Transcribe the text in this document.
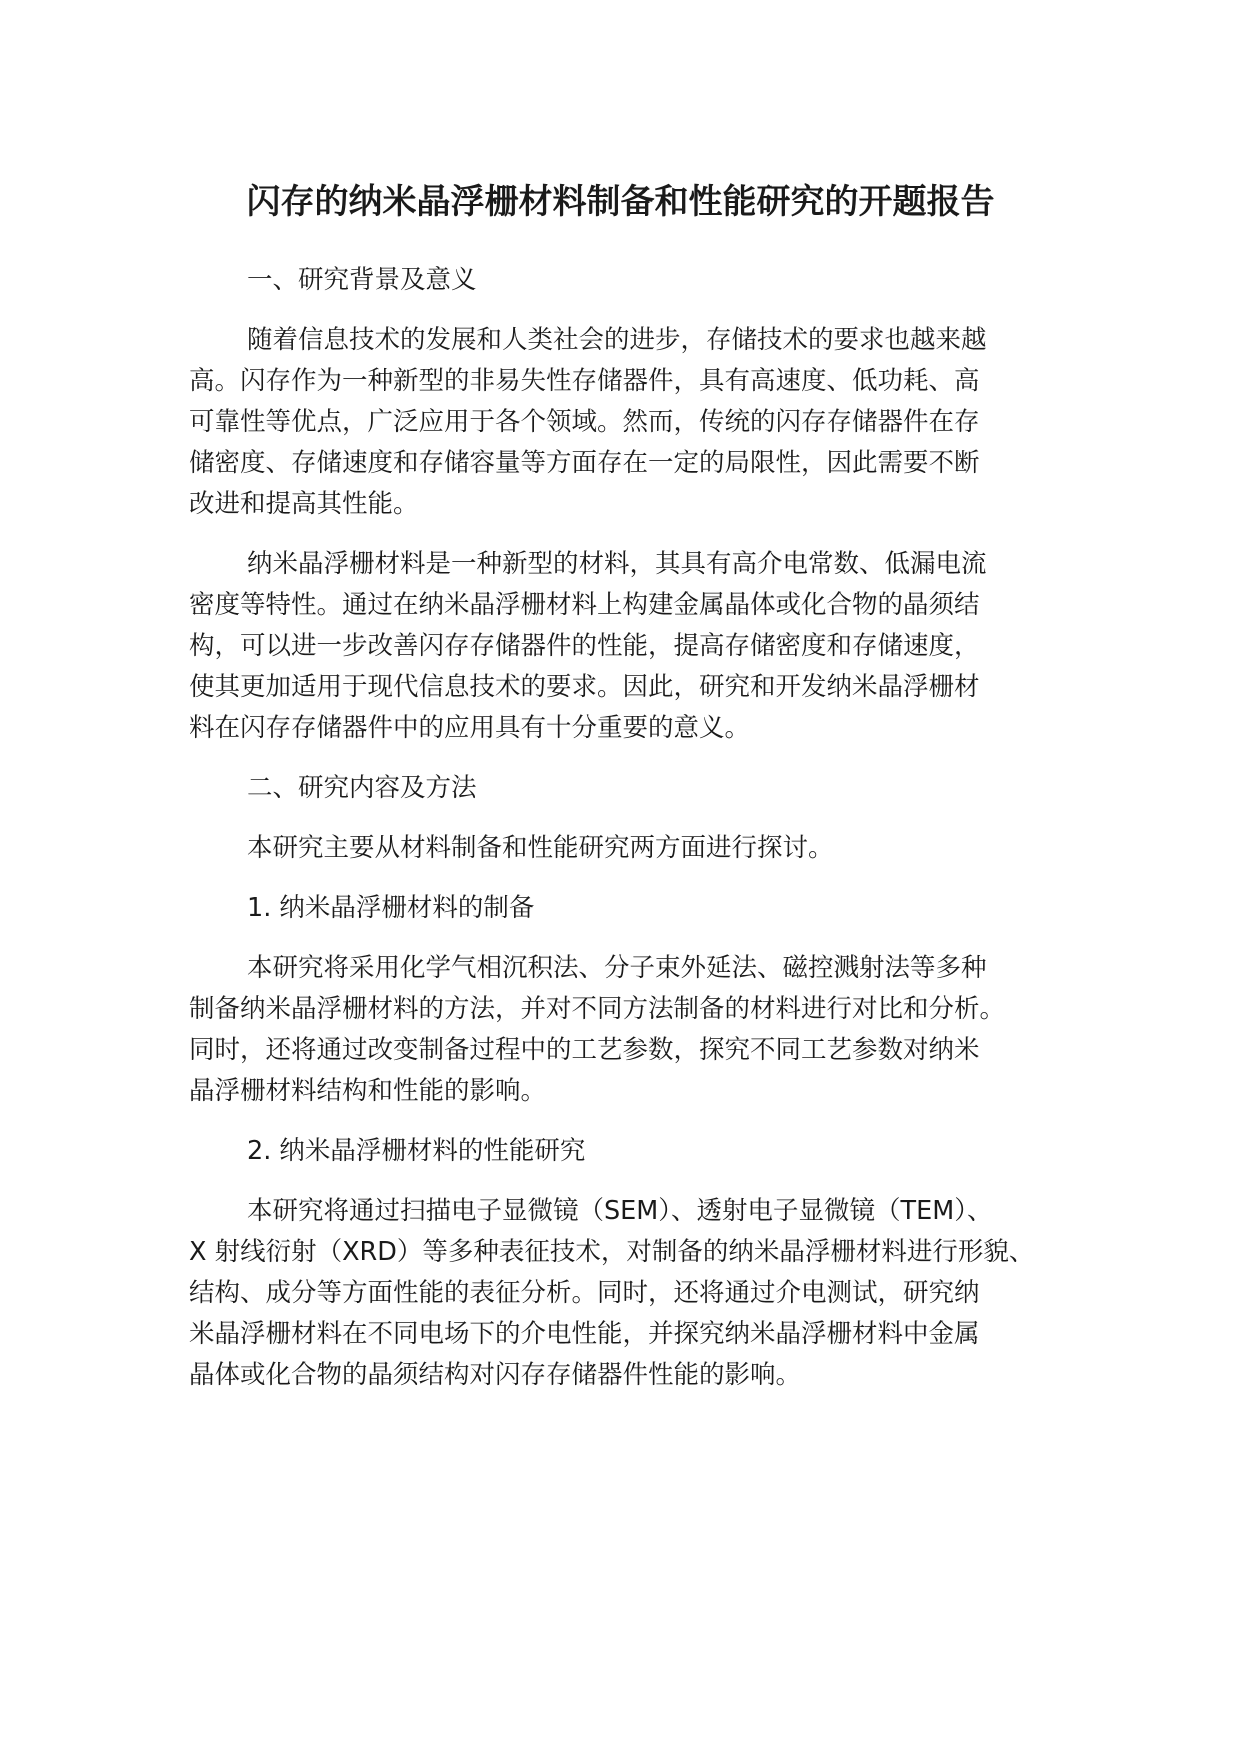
闪存的纳米晶浮栅材料制备和性能研究的开题报告
一、研究背景及意义
随着信息技术的发展和人类社会的进步，存储技术的要求也越来越
高。闪存作为一种新型的非易失性存储器件，具有高速度、低功耗、高
可靠性等优点，广泛应用于各个领域。然而，传统的闪存存储器件在存
储密度、存储速度和存储容量等方面存在一定的局限性，因此需要不断
改进和提高其性能。
纳米晶浮栅材料是一种新型的材料，其具有高介电常数、低漏电流
密度等特性。通过在纳米晶浮栅材料上构建金属晶体或化合物的晶须结
构，可以进一步改善闪存存储器件的性能，提高存储密度和存储速度，
使其更加适用于现代信息技术的要求。因此，研究和开发纳米晶浮栅材
料在闪存存储器件中的应用具有十分重要的意义。
二、研究内容及方法
本研究主要从材料制备和性能研究两方面进行探讨。
1. 纳米晶浮栅材料的制备
本研究将采用化学气相沉积法、分子束外延法、磁控溅射法等多种
制备纳米晶浮栅材料的方法，并对不同方法制备的材料进行对比和分析。
同时，还将通过改变制备过程中的工艺参数，探究不同工艺参数对纳米
晶浮栅材料结构和性能的影响。
2. 纳米晶浮栅材料的性能研究
本研究将通过扫描电子显微镜（SEM）、透射电子显微镜（TEM）、
X 射线衍射（XRD）等多种表征技术，对制备的纳米晶浮栅材料进行形貌、
结构、成分等方面性能的表征分析。同时，还将通过介电测试，研究纳
米晶浮栅材料在不同电场下的介电性能，并探究纳米晶浮栅材料中金属
晶体或化合物的晶须结构对闪存存储器件性能的影响。
